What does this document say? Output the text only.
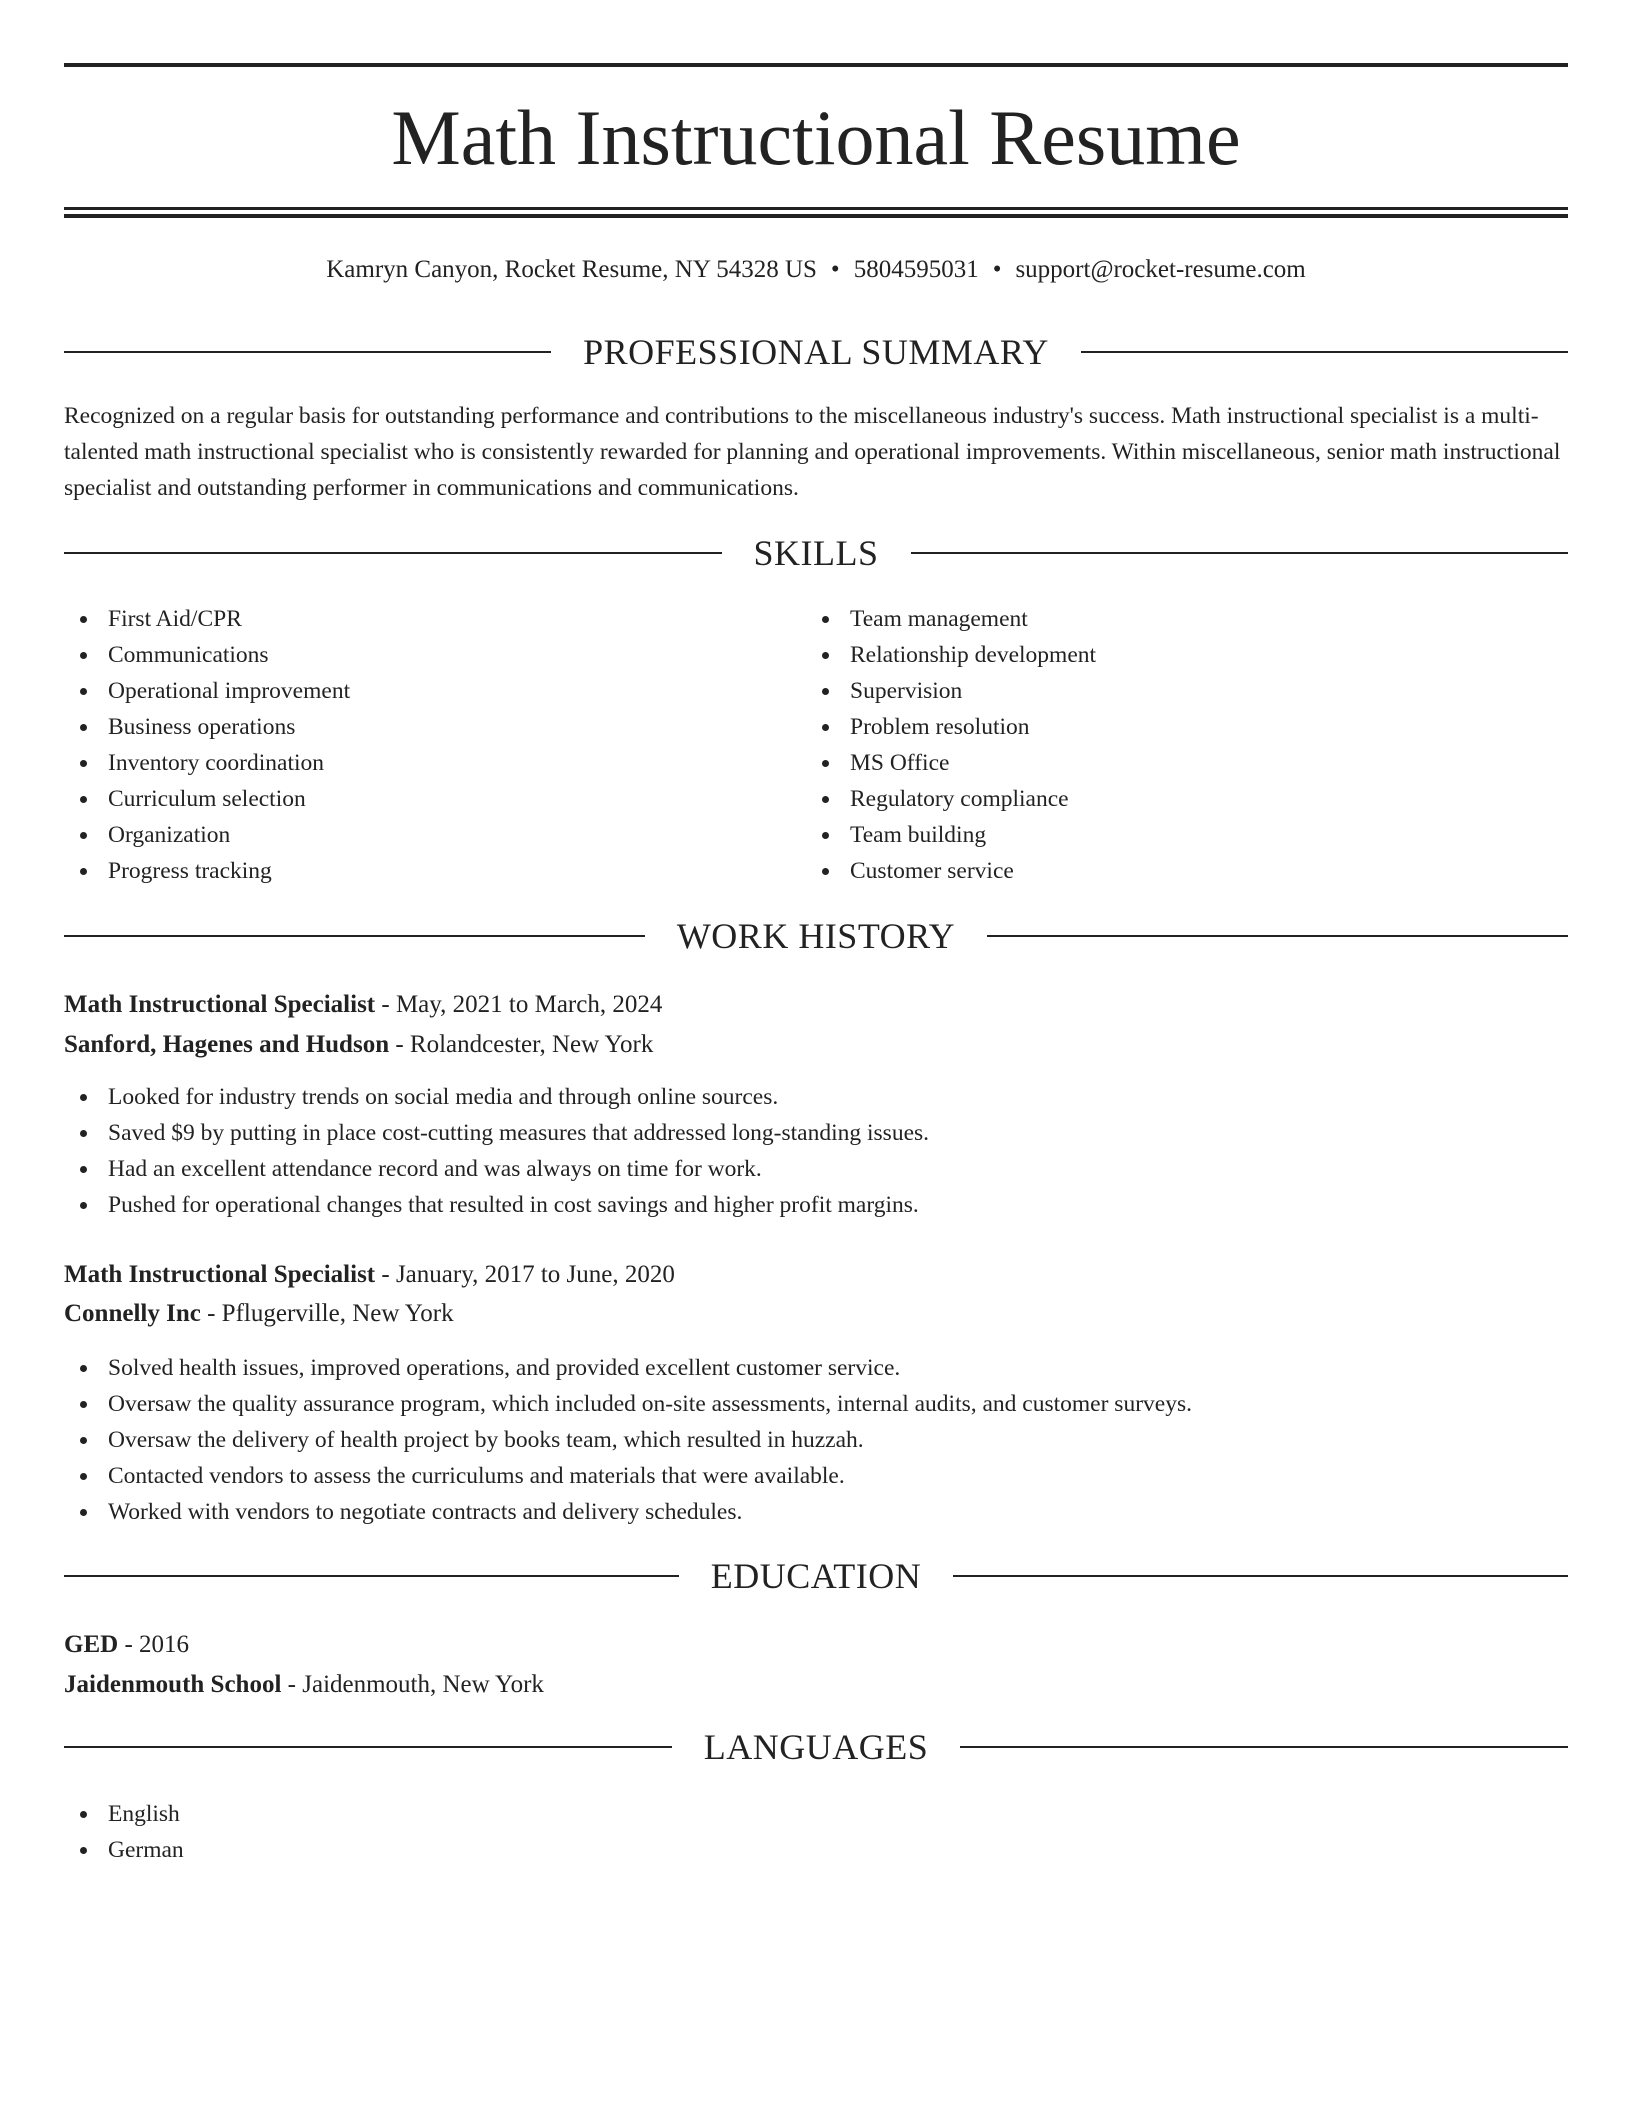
Math Instructional Resume
Kamryn Canyon, Rocket Resume, NY 54328 US • 5804595031 • support@rocket-resume.com
PROFESSIONAL SUMMARY

Recognized on a regular basis for outstanding performance and contributions to the miscellaneous industry's success. Math instructional specialist is a multi-talented math instructional specialist who is consistently rewarded for planning and operational improvements. Within miscellaneous, senior math instructional specialist and outstanding performer in communications and communications.

SKILLS
First Aid/CPR
Communications
Operational improvement
Business operations
Inventory coordination
Curriculum selection
Organization
Progress tracking
Team management
Relationship development
Supervision
Problem resolution
MS Office
Regulatory compliance
Team building
Customer service
WORK HISTORY
Math Instructional Specialist - May, 2021 to March, 2024
Sanford, Hagenes and Hudson - Rolandcester, New York
Looked for industry trends on social media and through online sources.
Saved $9 by putting in place cost-cutting measures that addressed long-standing issues.
Had an excellent attendance record and was always on time for work.
Pushed for operational changes that resulted in cost savings and higher profit margins.
Math Instructional Specialist - January, 2017 to June, 2020
Connelly Inc - Pflugerville, New York
Solved health issues, improved operations, and provided excellent customer service.
Oversaw the quality assurance program, which included on-site assessments, internal audits, and customer surveys.
Oversaw the delivery of health project by books team, which resulted in huzzah.
Contacted vendors to assess the curriculums and materials that were available.
Worked with vendors to negotiate contracts and delivery schedules.
EDUCATION
GED - 2016
Jaidenmouth School - Jaidenmouth, New York
LANGUAGES
English
German
